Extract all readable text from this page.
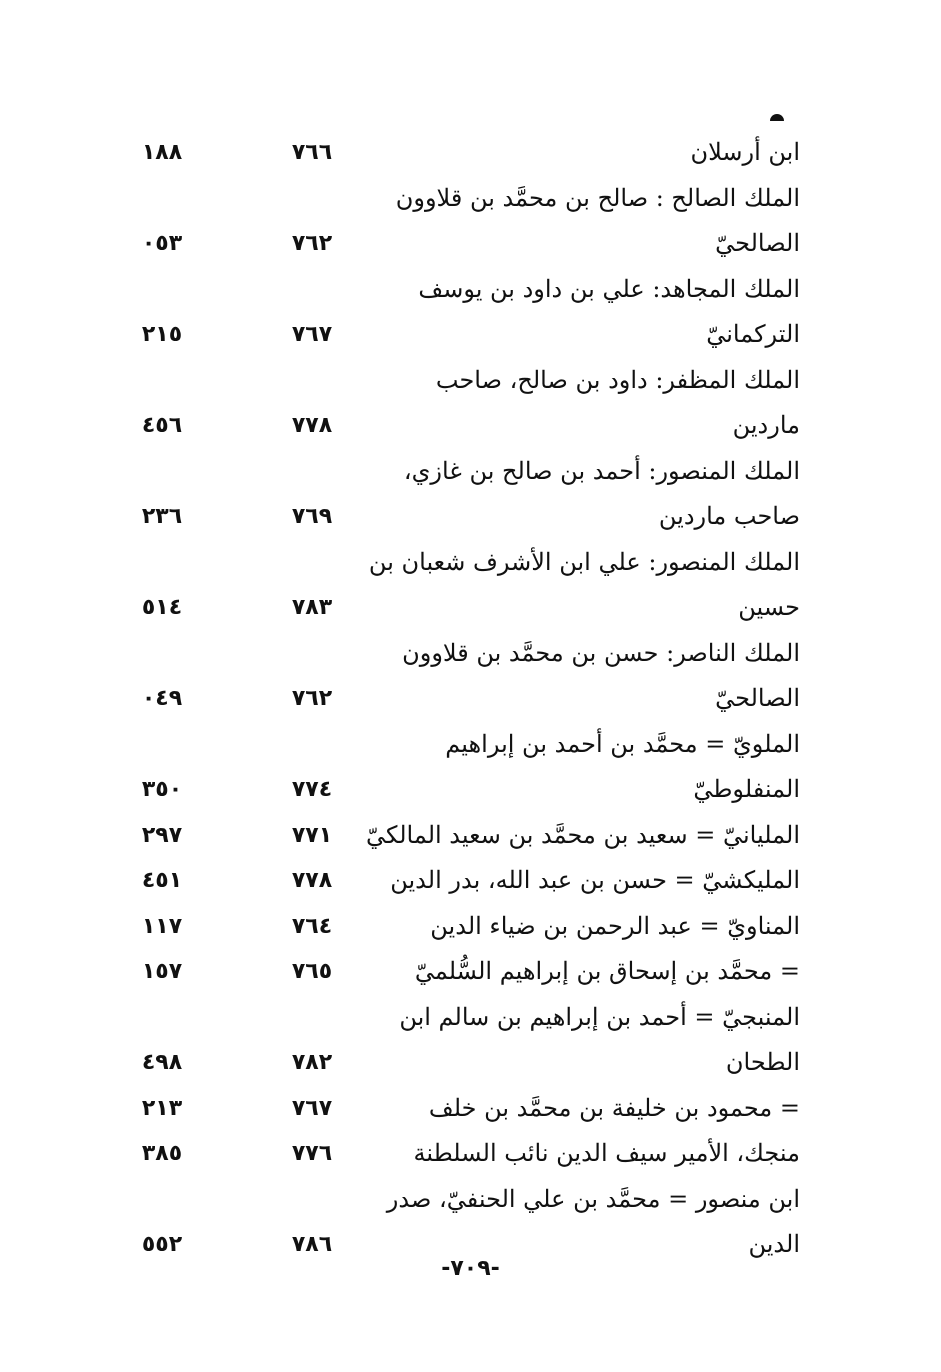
ابن أرسلان
٧٦٦
١٨٨
الملك الصالح : صالح بن محمَّد بن قلاوون
الصالحيّ
٧٦٢
٠٥٣
الملك المجاهد: علي بن داود بن يوسف
التركمانيّ
٧٦٧
٢١٥
الملك المظفر: داود بن صالح، صاحب
ماردين
٧٧٨
٤٥٦
الملك المنصور: أحمد بن صالح بن غازي،
صاحب ماردين
٧٦٩
٢٣٦
الملك المنصور: علي ابن الأشرف شعبان بن
حسين
٧٨٣
٥١٤
الملك الناصر: حسن بن محمَّد بن قلاوون
الصالحيّ
٧٦٢
٠٤٩
الملويّ = محمَّد بن أحمد بن إبراهيم
المنفلوطيّ
٧٧٤
٣٥٠
المليانيّ = سعيد بن محمَّد بن سعيد المالكيّ
٧٧١
٢٩٧
المليكشيّ = حسن بن عبد الله، بدر الدين
٧٧٨
٤٥١
المناويّ = عبد الرحمن بن ضياء الدين
٧٦٤
١١٧
= محمَّد بن إسحاق بن إبراهيم السُّلميّ
٧٦٥
١٥٧
المنبجيّ = أحمد بن إبراهيم بن سالم ابن
الطحان
٧٨٢
٤٩٨
= محمود بن خليفة بن محمَّد بن خلف
٧٦٧
٢١٣
منجك، الأمير سيف الدين نائب السلطنة
٧٧٦
٣٨٥
ابن منصور = محمَّد بن علي الحنفيّ، صدر
الدين
٧٨٦
٥٥٢
-٧٠٩-
